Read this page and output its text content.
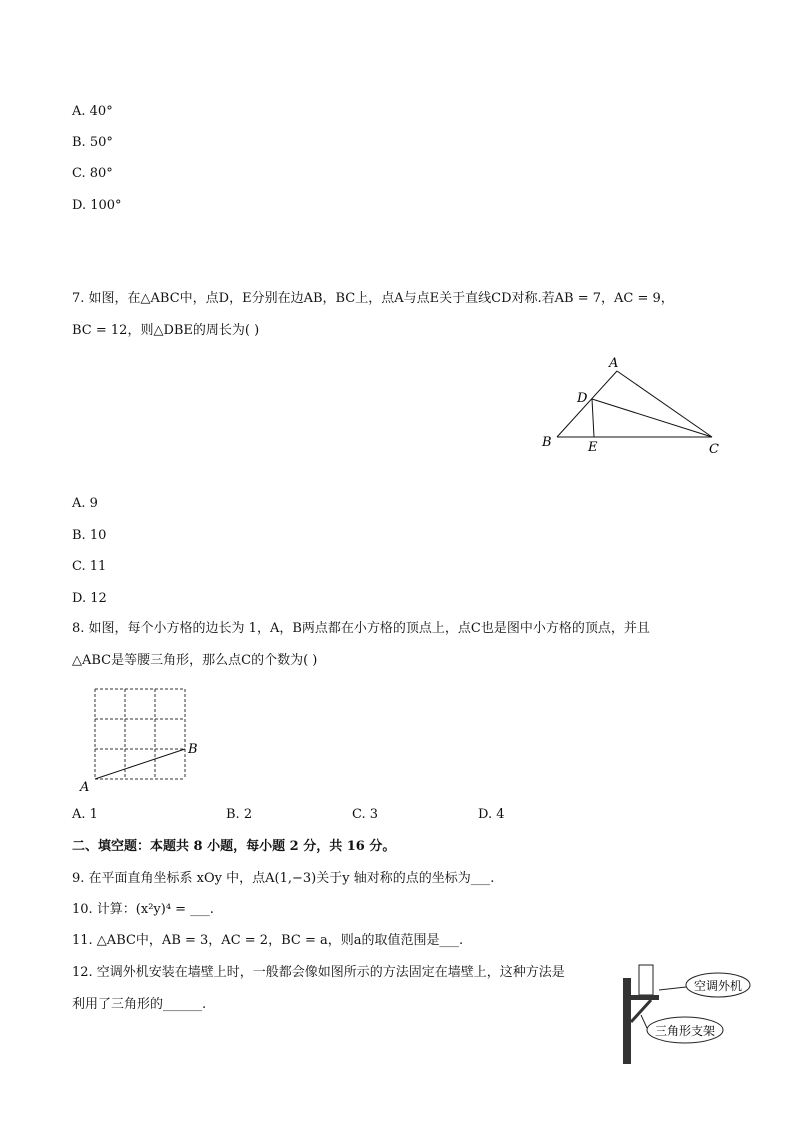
A. 40°
B. 50°
C. 80°
D. 100°
7. 如图，在△ABC中，点D，E分别在边AB，BC上，点A与点E关于直线CD对称.若AB = 7，AC = 9，
BC = 12，则△DBE的周长为( )
A
D
B	E	C
A. 9
B. 10
C. 11
D. 12
8. 如图，每个小方格的边长为 1，A，B两点都在小方格的顶点上，点C也是图中小方格的顶点，并且
△ABC是等腰三角形，那么点C的个数为( )
A
B
A. 1	B. 2	C. 3	D. 4
二、填空题：本题共 8 小题，每小题 2 分，共 16 分。
9. 在平面直角坐标系 xOy 中，点A(1,−3)关于y 轴对称的点的坐标为___.
10. 计算：(x²y)⁴ = ___.
11. △ABC中，AB = 3，AC = 2，BC = a，则a的取值范围是___.
12. 空调外机安装在墙壁上时，一般都会像如图所示的方法固定在墙壁上，这种方法是
利用了三角形的______.
空调外机
三角形支架
